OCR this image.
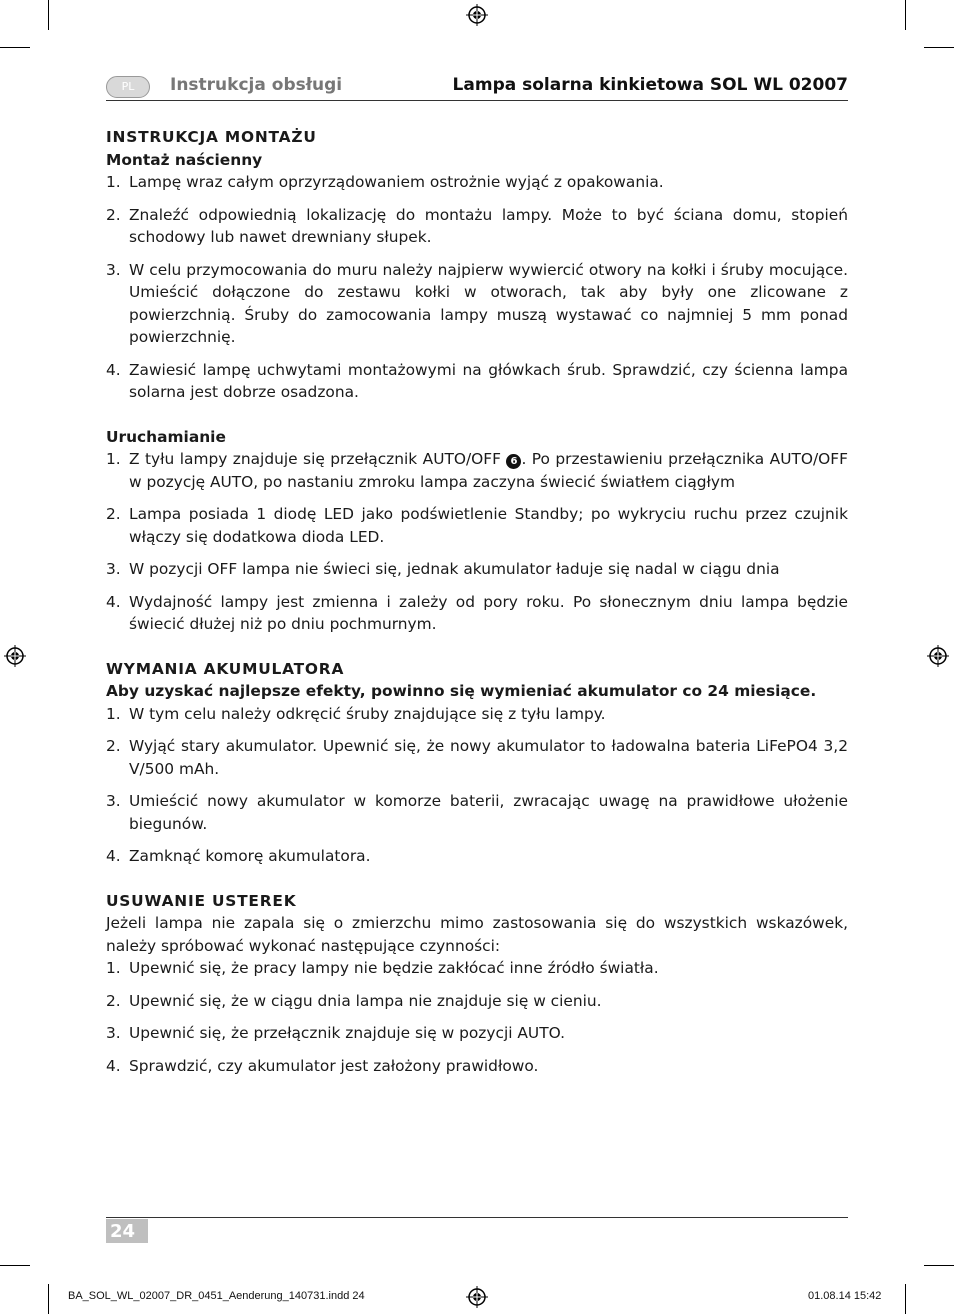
PL	Instrukcja obsługi	Lampa solarna kinkietowa SOL WL 02007
INSTRUKCJA MONTAŻU
Montaż naścienny
1. Lampę wraz całym oprzyrządowaniem ostrożnie wyjąć z opakowania.
2. Znaleźć odpowiednią lokalizację do montażu lampy. Może to być ściana domu, stopień schodowy lub nawet drewniany słupek.
3. W celu przymocowania do muru należy najpierw wywiercić otwory na kołki i śruby mocujące. Umieścić dołączone do zestawu kołki w otworach, tak aby były one zlicowane z powierzchnią. Śruby do zamocowania lampy muszą wystawać co najmniej 5 mm ponad powierzchnię.
4. Zawiesić lampę uchwytami montażowymi na główkach śrub. Sprawdzić, czy ścienna lampa solarna jest dobrze osadzona.
Uruchamianie
1. Z tyłu lampy znajduje się przełącznik AUTO/OFF 6 . Po przestawieniu przełącznika AUTO/OFF w pozycję AUTO, po nastaniu zmroku lampa zaczyna świecić światłem ciągłym
2. Lampa posiada 1 diodę LED jako podświetlenie Standby; po wykryciu ruchu przez czujnik włączy się dodatkowa dioda LED.
3. W pozycji OFF lampa nie świeci się, jednak akumulator ładuje się nadal w ciągu dnia
4. Wydajność lampy jest zmienna i zależy od pory roku. Po słonecznym dniu lampa będzie świecić dłużej niż po dniu pochmurnym.
WYMANIA AKUMULATORA
Aby uzyskać najlepsze efekty, powinno się wymieniać akumulator co 24 miesiące.
1. W tym celu należy odkręcić śruby znajdujące się z tyłu lampy.
2. Wyjąć stary akumulator. Upewnić się, że nowy akumulator to ładowalna bateria LiFePO4 3,2 V/500 mAh.
3. Umieścić nowy akumulator w komorze baterii, zwracając uwagę na prawidłowe ułożenie biegunów.
4. Zamknąć komorę akumulatora.
USUWANIE USTEREK
Jeżeli lampa nie zapala się o zmierzchu mimo zastosowania się do wszystkich wskazówek, należy spróbować wykonać następujące czynności:
1. Upewnić się, że pracy lampy nie będzie zakłócać inne źródło światła.
2. Upewnić się, że w ciągu dnia lampa nie znajduje się w cieniu.
3. Upewnić się, że przełącznik znajduje się w pozycji AUTO.
4. Sprawdzić, czy akumulator jest założony prawidłowo.
24
BA_SOL_WL_02007_DR_0451_Aenderung_140731.indd 24	01.08.14 15:42
